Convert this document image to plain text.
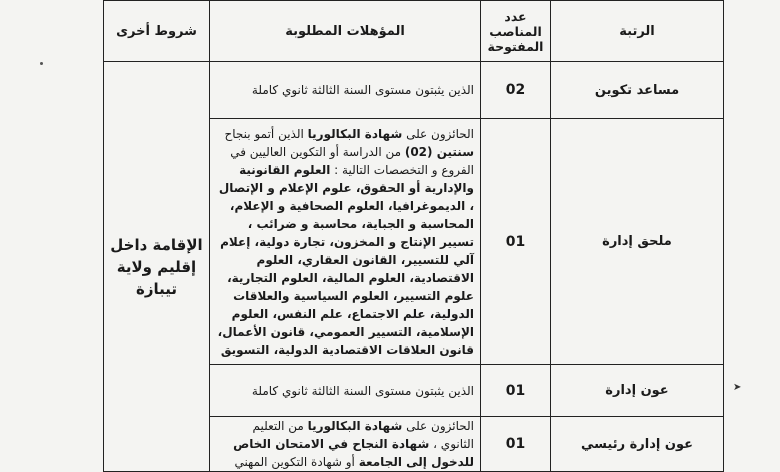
الرتبة	عدد المناصب المفتوحة	المؤهلات المطلوبة	شروط أخرى
مساعد تكوين	02	الذين يثبتون مستوى السنة الثالثة ثانوي كاملة	الإقامة داخل إقليم ولاية تيبازة
ملحق إدارة	01	الحائزون على شهادة البكالوريا الذين أتمو بنجاح سنتين (02) من الدراسة أو التكوين العاليين في الفروع و التخصصات التالية : العلوم القانونية والإدارية أو الحقوق، علوم الإعلام و الإتصال ، الديموغرافيا، العلوم الصحافية و الإعلام، المحاسبة و الجباية، محاسبة و ضرائب ، تسيير الإنتاج و المخزون، تجارة دولية، إعلام آلي للتسيير، القانون العقاري، العلوم الاقتصادية، العلوم المالية، العلوم التجارية، علوم التسيير، العلوم السياسية والعلاقات الدولية، علم الاجتماع، علم النفس، العلوم الإسلامية، التسيير العمومي، قانون الأعمال، قانون العلاقات الاقتصادية الدولية، التسويق	
عون إدارة	01	الذين يثبتون مستوى السنة الثالثة ثانوي كاملة	
عون إدارة رئيسي	01	الحائزون على شهادة البكالوريا من التعليم الثانوي ، شهادة النجاح في الامتحان الخاص للدخول إلى الجامعة أو شهادة التكوين المهني	
➤
